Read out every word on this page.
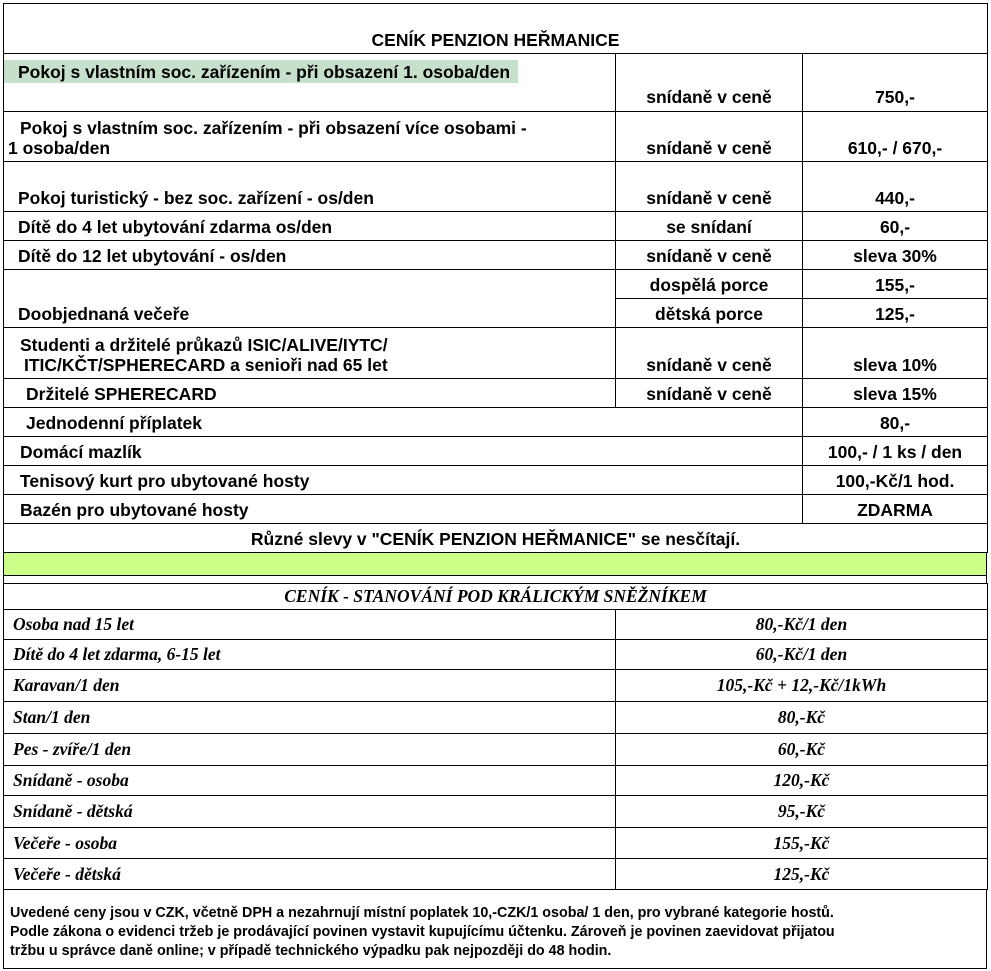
CENÍK PENZION HEŘMANICE		
Pokoj s vlastním soc. zařízením - při obsazení 1. osoba/den	snídaně v ceně	750,-

Pokoj s vlastním soc. zařízením - při obsazení více osobami -
1 osoba/den	snídaně v ceně	610,- / 670,-
Pokoj turistický - bez soc. zařízení - os/den	snídaně v ceně	440,-
Dítě do 4 let ubytování zdarma os/den	se snídaní	60,-
Dítě do 12 let ubytování - os/den	snídaně v ceně	sleva 30%
Doobjednaná večeře	dospělá porce	155,-
	dětská porce	125,-

Studenti a držitelé průkazů ISIC/ALIVE/IYTC/
ITIC/KČT/SPHERECARD a senioři nad 65 let	snídaně v ceně	sleva 10%
Držitelé SPHERECARD	snídaně v ceně	sleva 15%
Jednodenní příplatek		80,-
Domácí mazlík		100,- / 1 ks / den
Tenisový kurt pro ubytované hosty		100,-Kč/1 hod.
Bazén pro ubytované hosty		ZDARMA
Různé slevy v "CENÍK PENZION HEŘMANICE" se nesčítají.		
CENÍK - STANOVÁNÍ POD KRÁLICKÝM SNĚŽNÍKEM	
Osoba nad 15 let	80,-Kč/1 den
Dítě do 4 let zdarma, 6-15 let	60,-Kč/1 den
Karavan/1 den	105,-Kč + 12,-Kč/1kWh
Stan/1 den	80,-Kč
Pes - zvíře/1 den	60,-Kč
Snídaně - osoba	120,-Kč
Snídaně - dětská	95,-Kč
Večeře - osoba	155,-Kč
Večeře - dětská	125,-Kč
Uvedené ceny jsou v CZK, včetně DPH a nezahrnují místní poplatek 10,-CZK/1 osoba/ 1 den, pro vybrané kategorie hostů.
Podle zákona o evidenci tržeb je prodávající povinen vystavit kupujícímu účtenku. Zároveň je povinen zaevidovat přijatou
tržbu u správce daně online; v případě technického výpadku pak nejpozději do 48 hodin.
